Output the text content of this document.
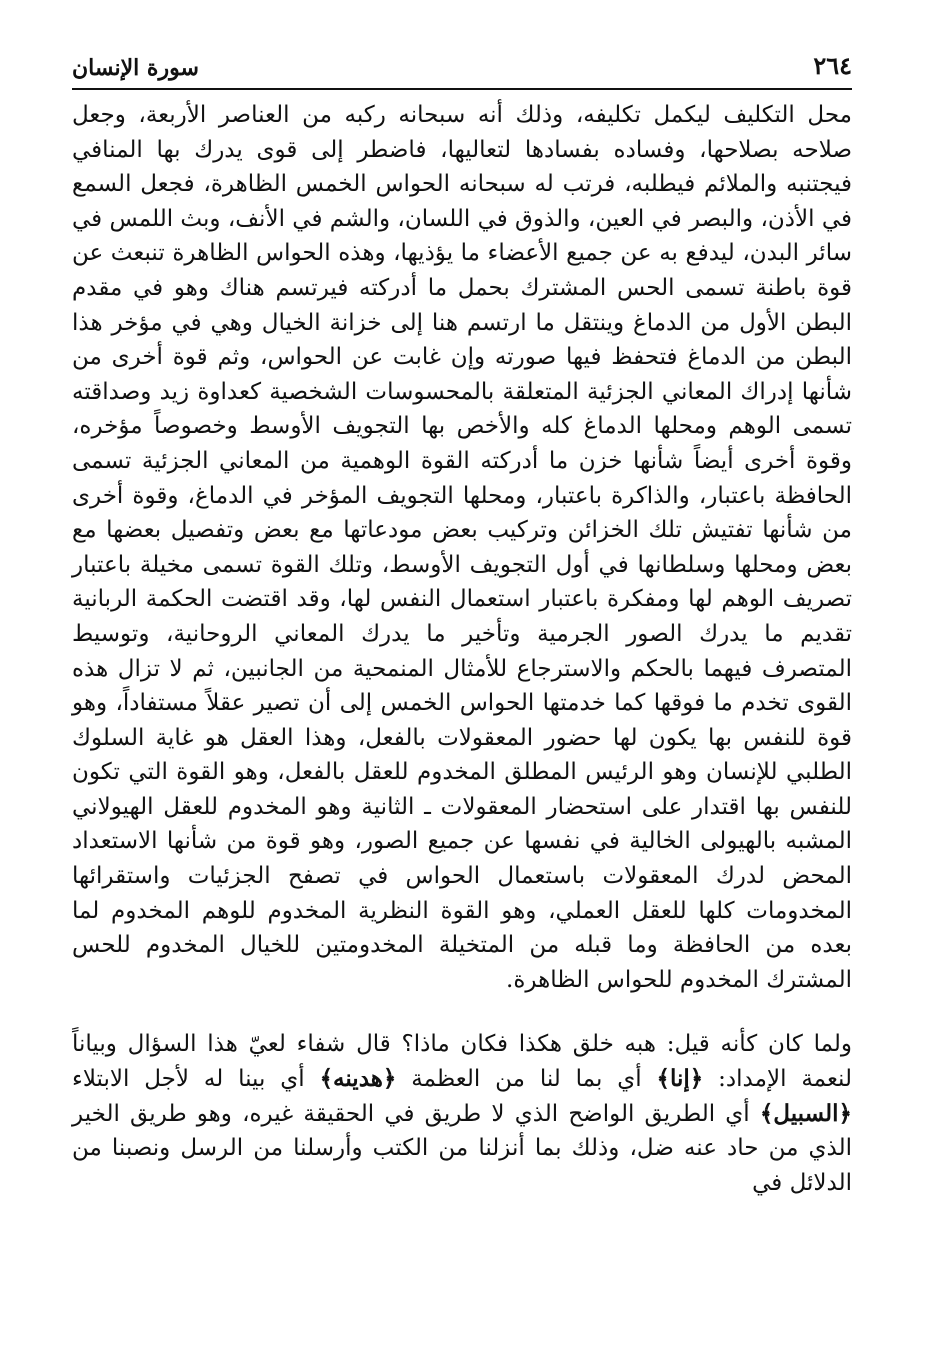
٢٦٤
سورة الإنسان

محل التكليف ليكمل تكليفه، وذلك أنه سبحانه ركبه من العناصر الأربعة، وجعل صلاحه بصلاحها، وفساده بفسادها لتعاليها، فاضطر إلى قوى يدرك بها المنافي فيجتنبه والملائم فيطلبه، فرتب له سبحانه الحواس الخمس الظاهرة، فجعل السمع في الأذن، والبصر في العين، والذوق في اللسان، والشم في الأنف، وبث اللمس في سائر البدن، ليدفع به عن جميع الأعضاء ما يؤذيها، وهذه الحواس الظاهرة تنبعث عن قوة باطنة تسمى الحس المشترك بحمل ما أدركته فيرتسم هناك وهو في مقدم البطن الأول من الدماغ وينتقل ما ارتسم هنا إلى خزانة الخيال وهي في مؤخر هذا البطن من الدماغ فتحفظ فيها صورته وإن غابت عن الحواس، وثم قوة أخرى من شأنها إدراك المعاني الجزئية المتعلقة بالمحسوسات الشخصية كعداوة زيد وصداقته تسمى الوهم ومحلها الدماغ كله والأخص بها التجويف الأوسط وخصوصاً مؤخره، وقوة أخرى أيضاً شأنها خزن ما أدركته القوة الوهمية من المعاني الجزئية تسمى الحافظة باعتبار، والذاكرة باعتبار، ومحلها التجويف المؤخر في الدماغ، وقوة أخرى من شأنها تفتيش تلك الخزائن وتركيب بعض مودعاتها مع بعض وتفصيل بعضها مع بعض ومحلها وسلطانها في أول التجويف الأوسط، وتلك القوة تسمى مخيلة باعتبار تصريف الوهم لها ومفكرة باعتبار استعمال النفس لها، وقد اقتضت الحكمة الربانية تقديم ما يدرك الصور الجرمية وتأخير ما يدرك المعاني الروحانية، وتوسيط المتصرف فيهما بالحكم والاسترجاع للأمثال المنمحية من الجانبين، ثم لا تزال هذه القوى تخدم ما فوقها كما خدمتها الحواس الخمس إلى أن تصير عقلاً مستفاداً، وهو قوة للنفس بها يكون لها حضور المعقولات بالفعل، وهذا العقل هو غاية السلوك الطلبي للإنسان وهو الرئيس المطلق المخدوم للعقل بالفعل، وهو القوة التي تكون للنفس بها اقتدار على استحضار المعقولات ـ الثانية وهو المخدوم للعقل الهيولاني المشبه بالهيولى الخالية في نفسها عن جميع الصور، وهو قوة من شأنها الاستعداد المحض لدرك المعقولات باستعمال الحواس في تصفح الجزئيات واستقرائها المخدومات كلها للعقل العملي، وهو القوة النظرية المخدوم للوهم المخدوم لما بعده من الحافظة وما قبله من المتخيلة المخدومتين للخيال المخدوم للحس المشترك المخدوم للحواس الظاهرة.

ولما كان كأنه قيل: هبه خلق هكذا فكان ماذا؟ قال شفاء لعيّ هذا السؤال وبياناً لنعمة الإمداد: ﴿إنا﴾ أي بما لنا من العظمة ﴿هدينه﴾ أي بينا له لأجل الابتلاء ﴿السبيل﴾ أي الطريق الواضح الذي لا طريق في الحقيقة غيره، وهو طريق الخير الذي من حاد عنه ضل، وذلك بما أنزلنا من الكتب وأرسلنا من الرسل ونصبنا من الدلائل في
